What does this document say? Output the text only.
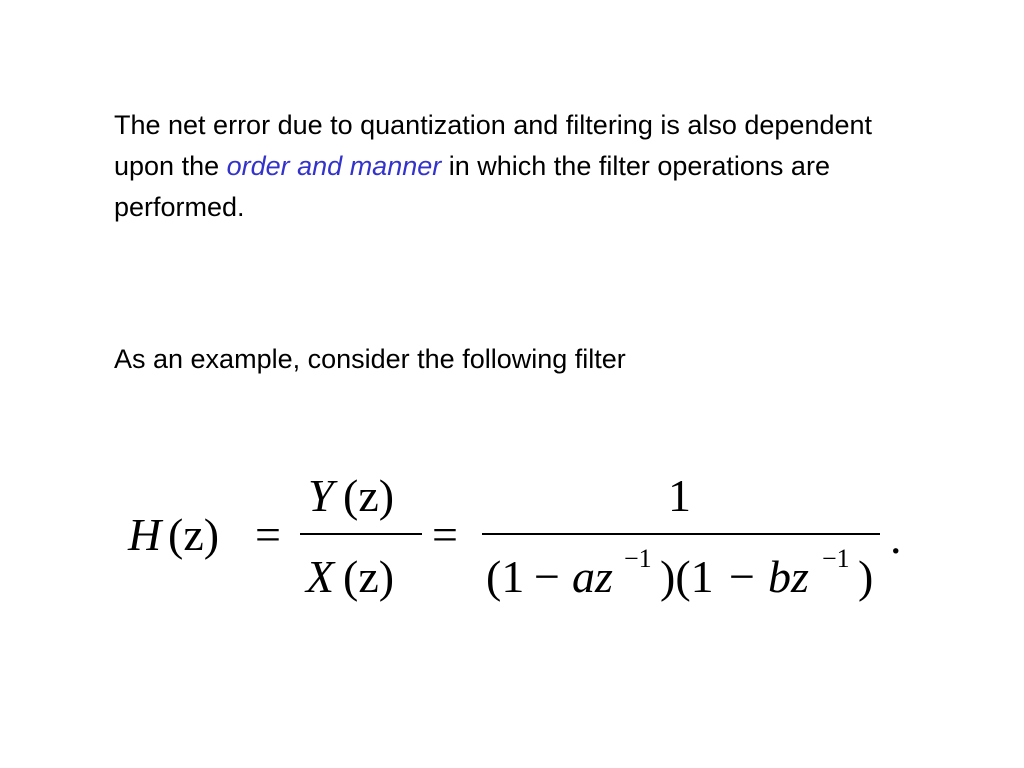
The net error due to quantization and filtering is also dependent upon the order and manner in which the filter operations are performed.

As an example, consider the following filter

H (z) =
Y (z)
X (z)
=
1
(1 − az −1 )(1 − bz −1 )
.
